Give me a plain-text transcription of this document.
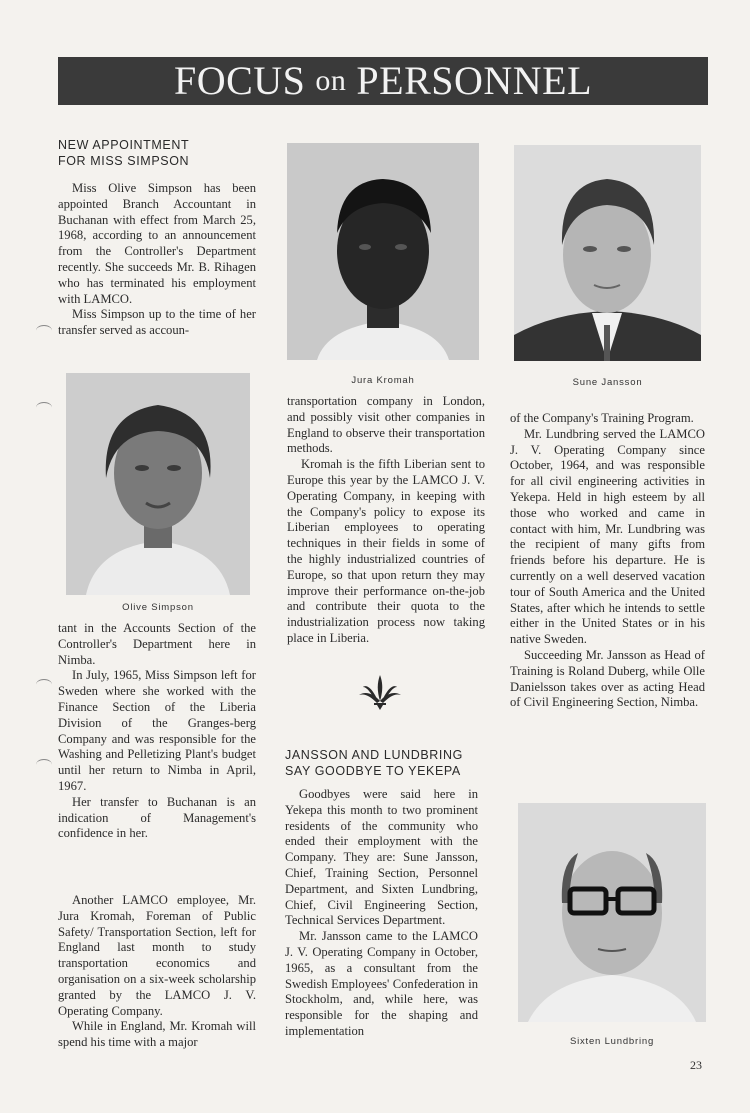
FOCUS on PERSONNEL
NEW APPOINTMENT
FOR MISS SIMPSON

Miss Olive Simpson has been appointed Branch Accountant in Buchanan with effect from March 25, 1968, according to an announcement from the Controller's Department recently. She succeeds Mr. B. Rihagen who has terminated his employment with LAMCO.

Miss Simpson up to the time of her transfer served as accoun-

Olive Simpson

tant in the Accounts Section of the Controller's Department here in Nimba.

In July, 1965, Miss Simpson left for Sweden where she worked with the Finance Section of the Liberia Division of the Granges-berg Company and was responsible for the Washing and Pelletizing Plant's budget until her return to Nimba in April, 1967.

Her transfer to Buchanan is an indication of Management's confidence in her.

Another LAMCO employee, Mr. Jura Kromah, Foreman of Public Safety/ Transportation Section, left for England last month to study transportation economics and organisation on a six-week scholarship granted by the LAMCO J. V. Operating Company.

While in England, Mr. Kromah will spend his time with a major

Jura Kromah

transportation company in London, and possibly visit other companies in England to observe their transportation methods.

Kromah is the fifth Liberian sent to Europe this year by the LAMCO J. V. Operating Company, in keeping with the Company's policy to expose its Liberian employees to operating techniques in their fields in some of the highly industrialized countries of Europe, so that upon return they may improve their performance on-the-job and contribute their quota to the industrialization process now taking place in Liberia.

JANSSON AND LUNDBRING
SAY GOODBYE TO YEKEPA

Goodbyes were said here in Yekepa this month to two prominent residents of the community who ended their employment with the Company. They are: Sune Jansson, Chief, Training Section, Personnel Department, and Sixten Lundbring, Chief, Civil Engineering Section, Technical Services Department.

Mr. Jansson came to the LAMCO J. V. Operating Company in October, 1965, as a consultant from the Swedish Employees' Confederation in Stockholm, and, while here, was responsible for the shaping and implementation

Sune Jansson

of the Company's Training Program.

Mr. Lundbring served the LAMCO J. V. Operating Company since October, 1964, and was responsible for all civil engineering activities in Yekepa. Held in high esteem by all those who worked and came in contact with him, Mr. Lundbring was the recipient of many gifts from friends before his departure. He is currently on a well deserved vacation tour of South America and the United States, after which he intends to settle either in the United States or in his native Sweden.

Succeeding Mr. Jansson as Head of Training is Roland Duberg, while Olle Danielsson takes over as acting Head of Civil Engineering Section, Nimba.

Sixten Lundbring
23
